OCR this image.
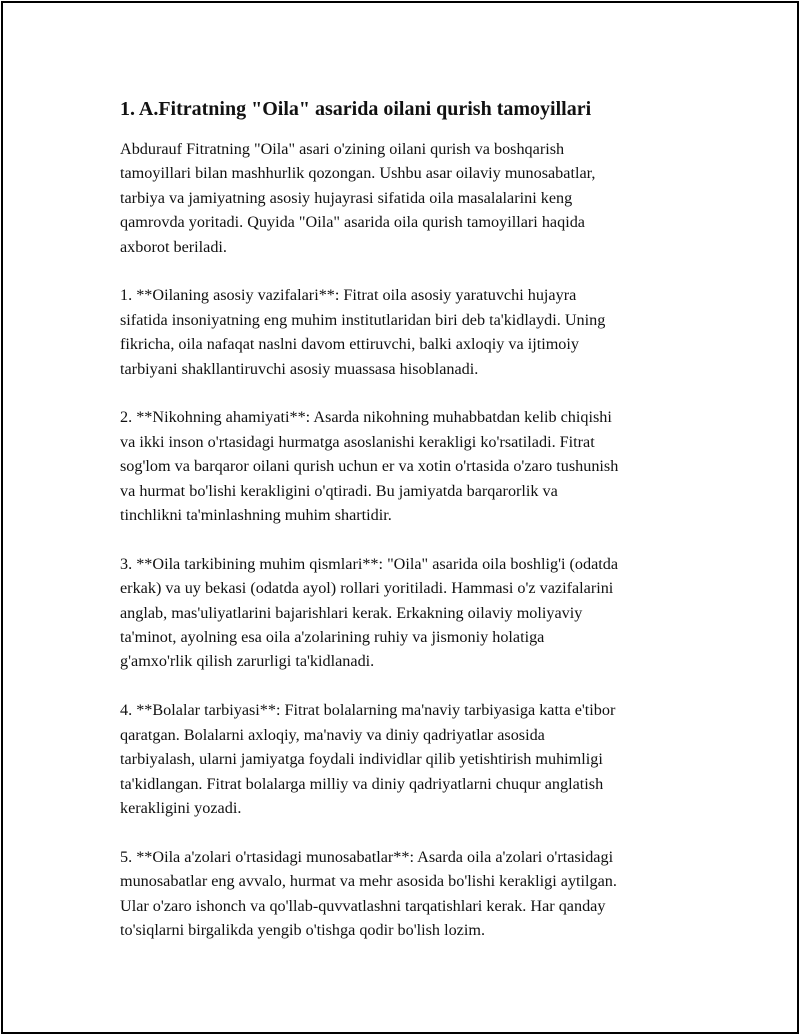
1. A.Fitratning "Oila" asarida oilani qurish tamoyillari
Abdurauf Fitratning "Oila" asari o'zining oilani qurish va boshqarish
tamoyillari bilan mashhurlik qozongan. Ushbu asar oilaviy munosabatlar,
tarbiya va jamiyatning asosiy hujayrasi sifatida oila masalalarini keng
qamrovda yoritadi. Quyida "Oila" asarida oila qurish tamoyillari haqida
axborot beriladi.
1. **Oilaning asosiy vazifalari**: Fitrat oila asosiy yaratuvchi hujayra
sifatida insoniyatning eng muhim institutlaridan biri deb ta'kidlaydi. Uning
fikricha, oila nafaqat naslni davom ettiruvchi, balki axloqiy va ijtimoiy
tarbiyani shakllantiruvchi asosiy muassasa hisoblanadi.
2. **Nikohning ahamiyati**: Asarda nikohning muhabbatdan kelib chiqishi
va ikki inson o'rtasidagi hurmatga asoslanishi kerakligi ko'rsatiladi. Fitrat
sog'lom va barqaror oilani qurish uchun er va xotin o'rtasida o'zaro tushunish
va hurmat bo'lishi kerakligini o'qtiradi. Bu jamiyatda barqarorlik va
tinchlikni ta'minlashning muhim shartidir.
3. **Oila tarkibining muhim qismlari**: "Oila" asarida oila boshlig'i (odatda
erkak) va uy bekasi (odatda ayol) rollari yoritiladi. Hammasi o'z vazifalarini
anglab, mas'uliyatlarini bajarishlari kerak. Erkakning oilaviy moliyaviy
ta'minot, ayolning esa oila a'zolarining ruhiy va jismoniy holatiga
g'amxo'rlik qilish zarurligi ta'kidlanadi.
4. **Bolalar tarbiyasi**: Fitrat bolalarning ma'naviy tarbiyasiga katta e'tibor
qaratgan. Bolalarni axloqiy, ma'naviy va diniy qadriyatlar asosida
tarbiyalash, ularni jamiyatga foydali individlar qilib yetishtirish muhimligi
ta'kidlangan. Fitrat bolalarga milliy va diniy qadriyatlarni chuqur anglatish
kerakligini yozadi.
5. **Oila a'zolari o'rtasidagi munosabatlar**: Asarda oila a'zolari o'rtasidagi
munosabatlar eng avvalo, hurmat va mehr asosida bo'lishi kerakligi aytilgan.
Ular o'zaro ishonch va qo'llab-quvvatlashni tarqatishlari kerak. Har qanday
to'siqlarni birgalikda yengib o'tishga qodir bo'lish lozim.
